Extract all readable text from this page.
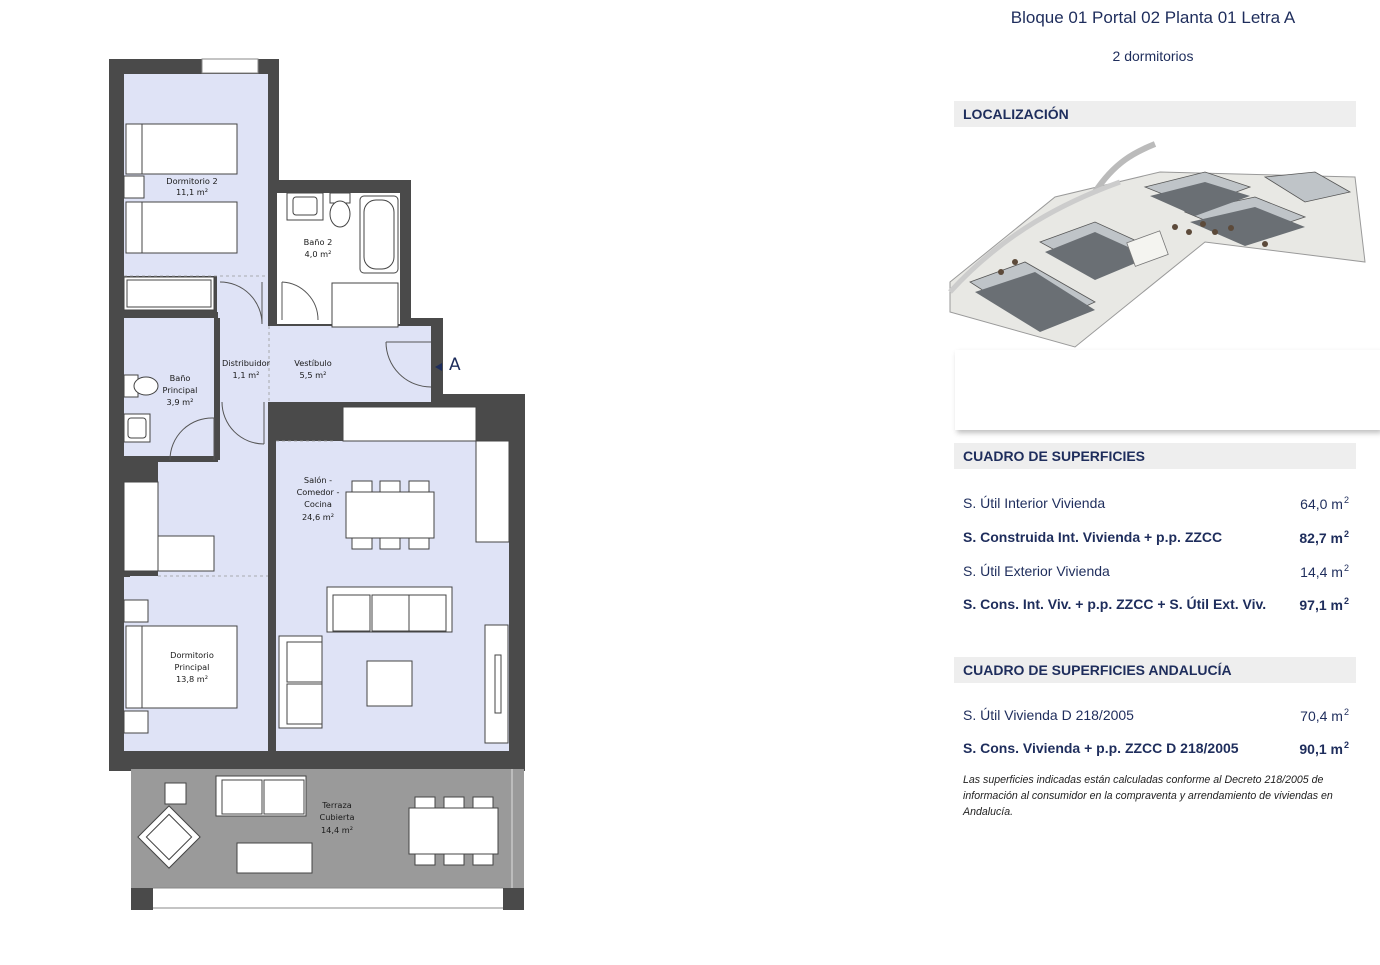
Dormitorio 2
11,1 m²
Baño 2
4,0 m²
Distribuidor
1,1 m²
Vestíbulo
5,5 m²
Baño
Principal
3,9 m²
Salón -
Comedor -
Cocina
24,6 m²
Dormitorio
Principal
13,8 m²
Terraza
Cubierta
14,4 m²
A
Bloque 01 Portal 02 Planta 01 Letra A
2 dormitorios
LOCALIZACIÓN
CUADRO DE SUPERFICIES
S. Útil Interior Vivienda	64,0 $m^2$
S. Construida Int. Vivienda + p.p. ZZCC	82,7 $m^2$
S. Útil Exterior Vivienda	14,4 $m^2$
S. Cons. Int. Viv. + p.p. ZZCC + S. Útil Ext. Viv. 97,1 $m^2$
CUADRO DE SUPERFICIES ANDALUCÍA
S. Útil Vivienda D 218/2005	70,4 $m^2$
S. Cons. Vivienda + p.p. ZZCC D 218/2005	90,1 $m^2$
Las superficies indicadas están calculadas conforme al Decreto 218/2005 de información al consumidor en la compraventa y arrendamiento de viviendas en Andalucía.
